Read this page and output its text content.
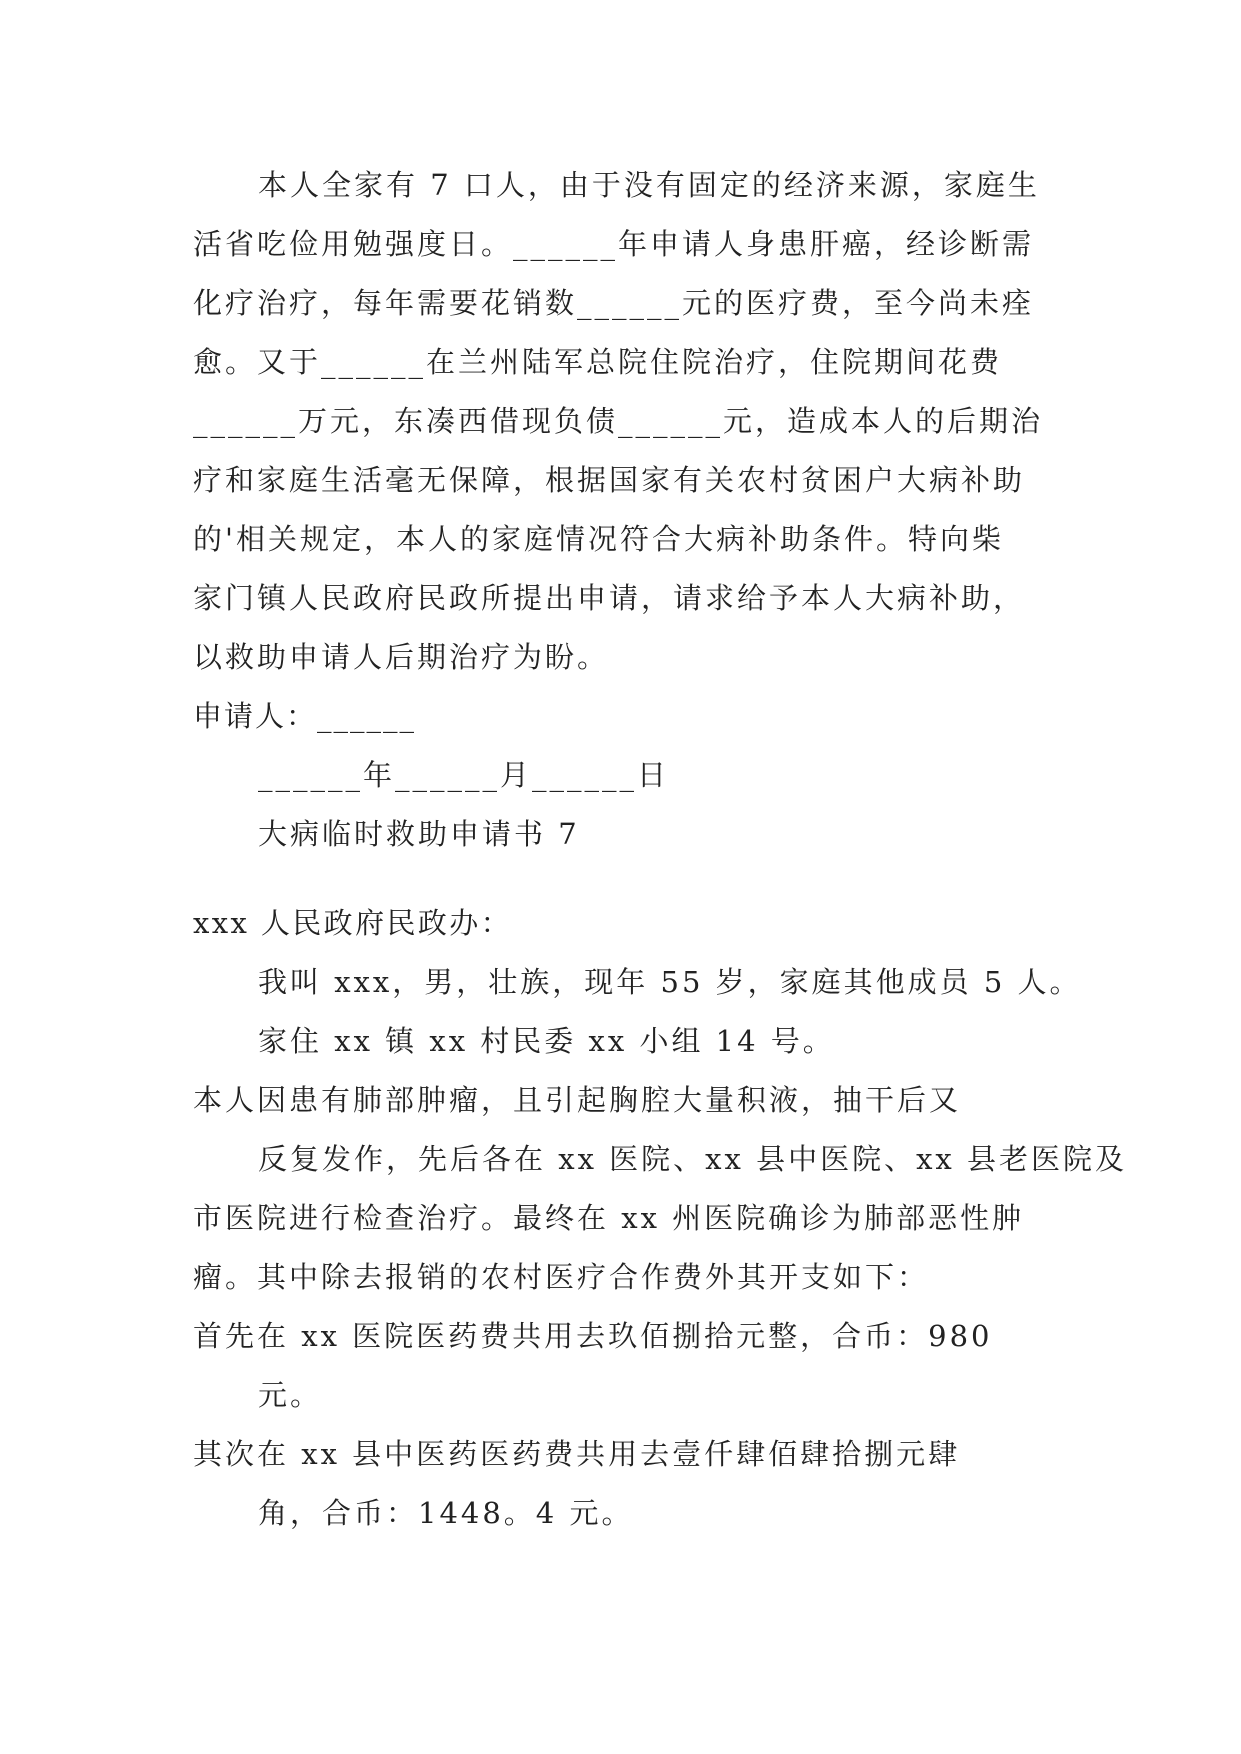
本人全家有 7 口人，由于没有固定的经济来源，家庭生
活省吃俭用勉强度日。______年申请人身患肝癌，经诊断需
化疗治疗，每年需要花销数______元的医疗费，至今尚未痊
愈。又于______在兰州陆军总院住院治疗，住院期间花费
______万元，东凑西借现负债______元，造成本人的后期治
疗和家庭生活毫无保障，根据国家有关农村贫困户大病补助
的'相关规定，本人的家庭情况符合大病补助条件。特向柴
家门镇人民政府民政所提出申请，请求给予本人大病补助，
以救助申请人后期治疗为盼。
申请人：______
______年______月______日
大病临时救助申请书 7
xxx 人民政府民政办：
我叫 xxx，男，壮族，现年 55 岁，家庭其他成员 5 人。
家住 xx 镇 xx 村民委 xx 小组 14 号。
本人因患有肺部肿瘤，且引起胸腔大量积液，抽干后又
反复发作，先后各在 xx 医院、xx 县中医院、xx 县老医院及
市医院进行检查治疗。最终在 xx 州医院确诊为肺部恶性肿
瘤。其中除去报销的农村医疗合作费外其开支如下：
首先在 xx 医院医药费共用去玖佰捌拾元整，合币：980
元。
其次在 xx 县中医药医药费共用去壹仟肆佰肆拾捌元肆
角，合币：1448。4 元。
